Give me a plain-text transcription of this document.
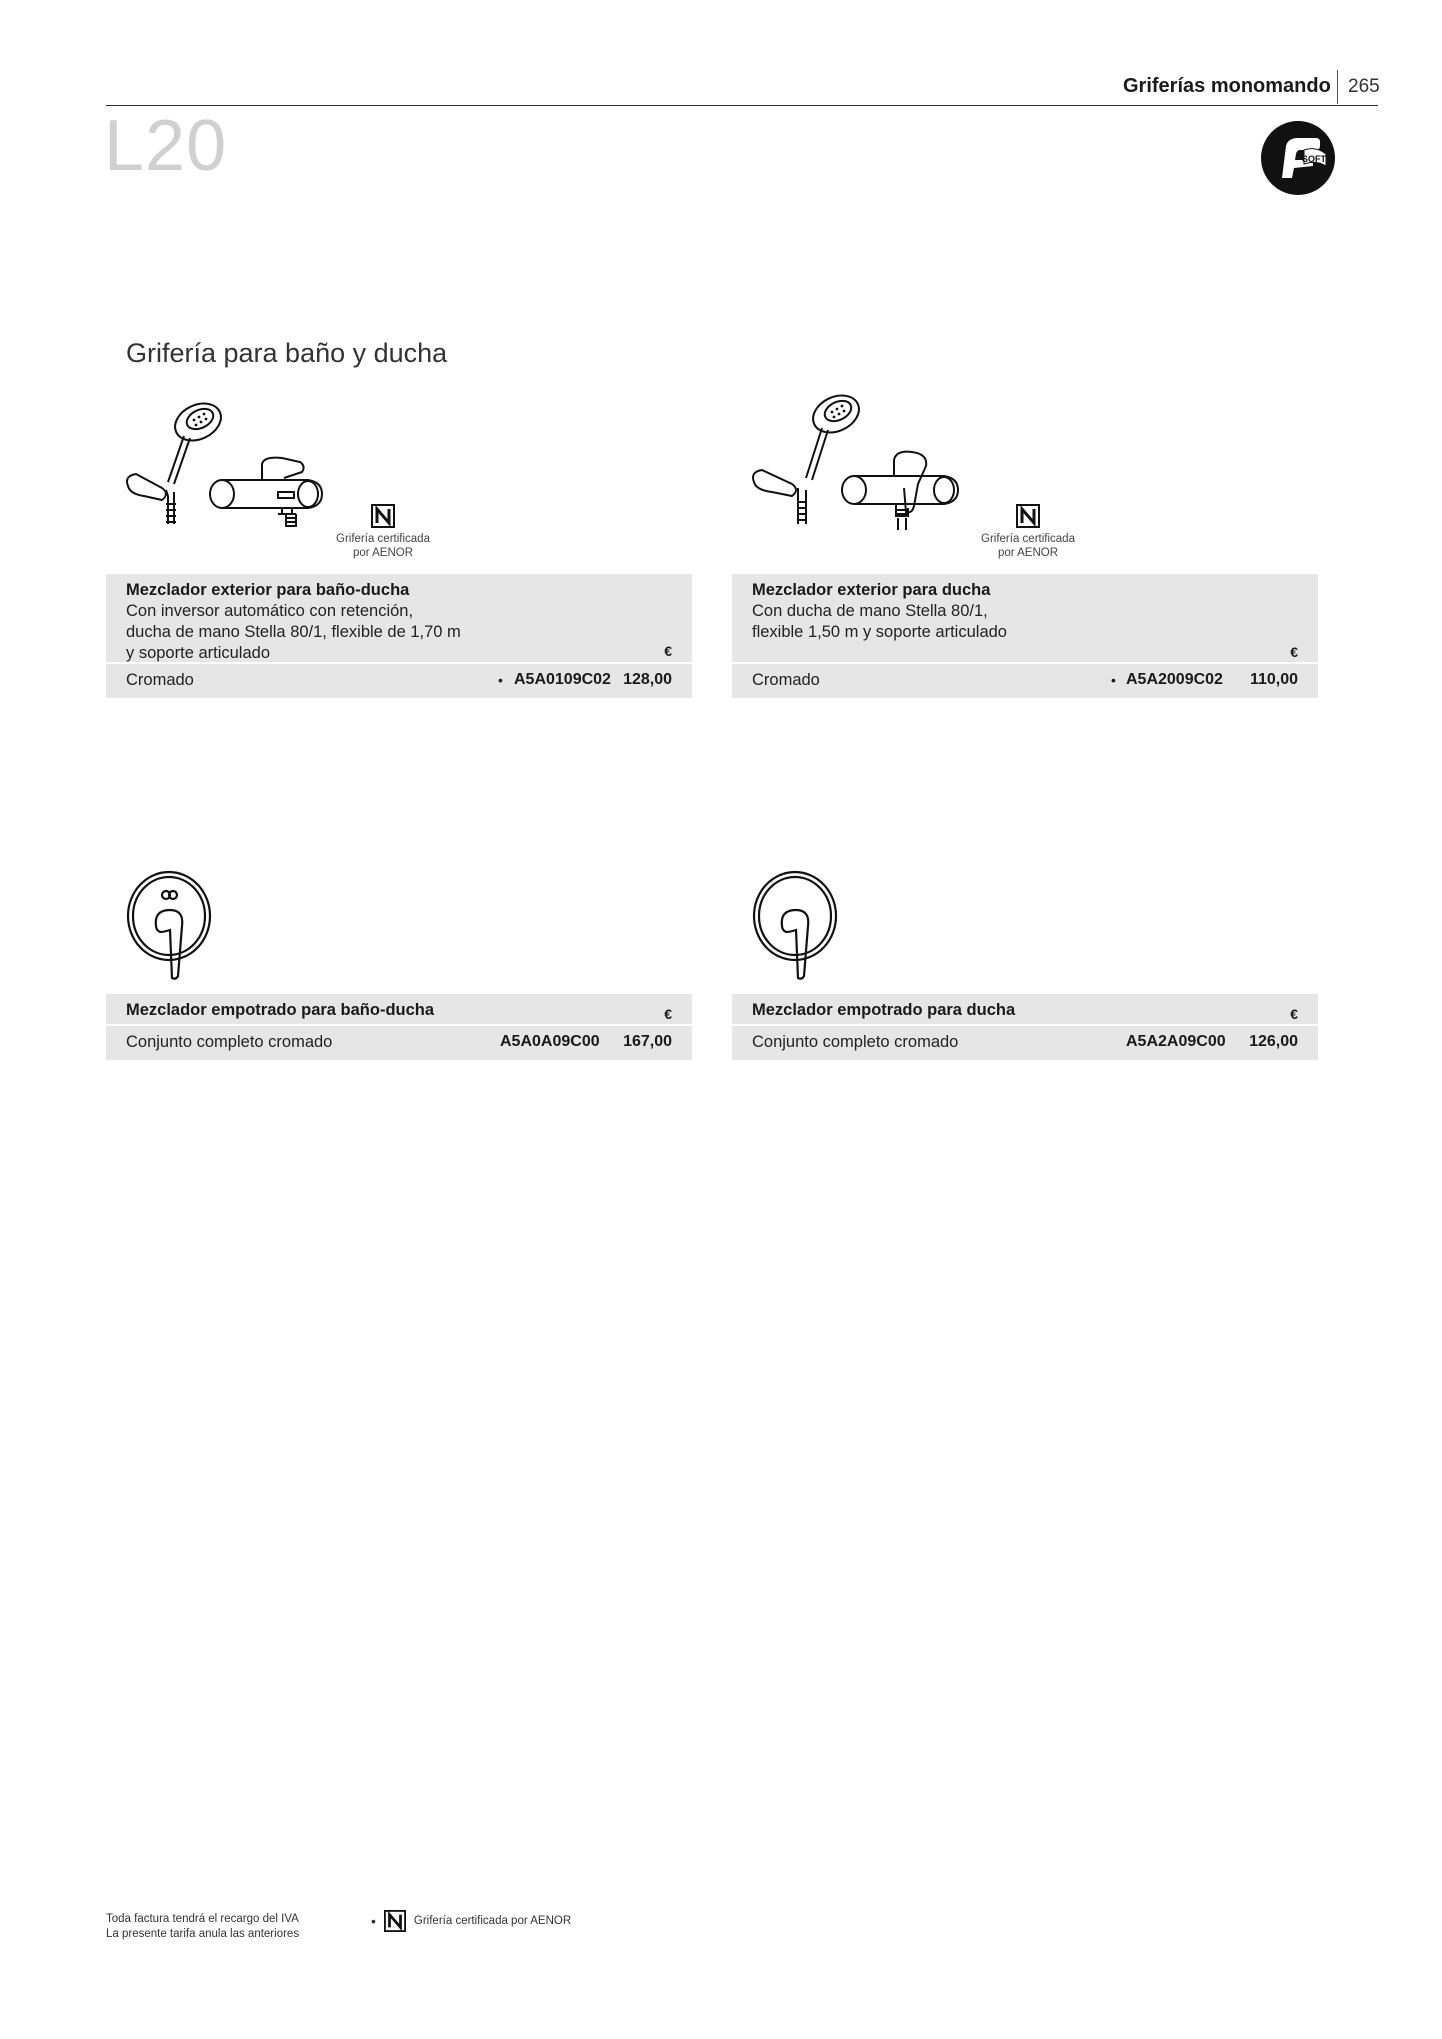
Griferías monomando 265
L20	SOFT
Grifería para baño y ducha
Grifería certificada
por AENOR
Grifería certificada
por AENOR
Mezclador exterior para baño-ducha
Con inversor automático con retención,
ducha de mano Stella 80/1, flexible de 1,70 m
y soporte articulado	€
Cromado	• A5A0109C02 128,00
Mezclador exterior para ducha
Con ducha de mano Stella 80/1,
flexible 1,50 m y soporte articulado
€
Cromado	• A5A2009C02 110,00
Mezclador empotrado para baño-ducha	€
Conjunto completo cromado	A5A0A09C00 167,00
Mezclador empotrado para ducha	€
Conjunto completo cromado	A5A2A09C00 126,00
Toda factura tendrá el recargo del IVA
La presente tarifa anula las anteriores
•	Grifería certificada por AENOR
